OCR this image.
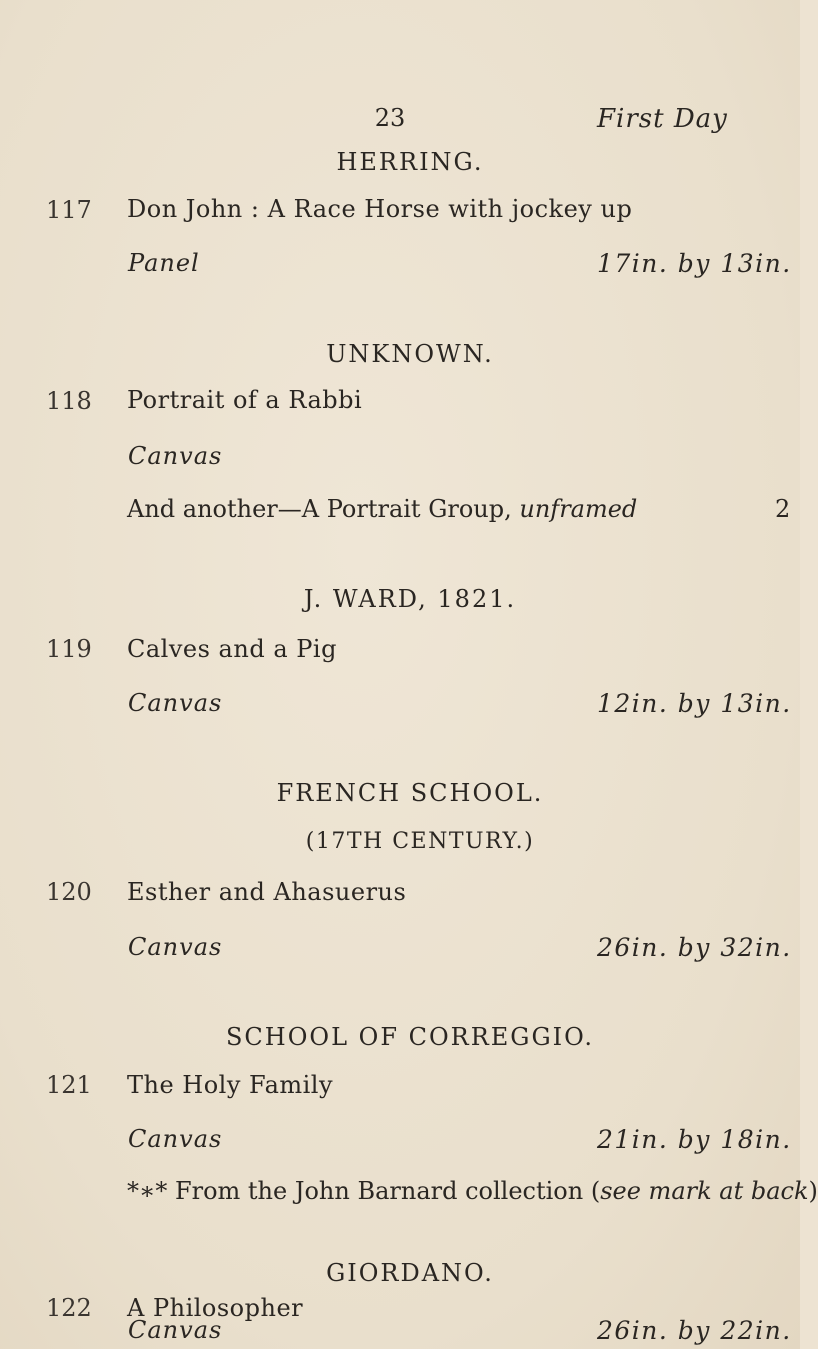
23	First Day
HERRING.
117 Don John : A Race Horse with jockey up
Panel	17in. by 13in.
UNKNOWN.
118 Portrait of a Rabbi
Canvas
And another—A Portrait Group, unframed	2
J. WARD, 1821.
119 Calves and a Pig
Canvas	12in. by 13in.
FRENCH SCHOOL.
(17TH CENTURY.)
120 Esther and Ahasuerus
Canvas	26in. by 32in.
SCHOOL OF CORREGGIO.
121 The Holy Family
Canvas	21in. by 18in.
*∗* From the John Barnard collection (see mark at back)
GIORDANO.
122 A Philosopher
Canvas	26in. by 22in.
